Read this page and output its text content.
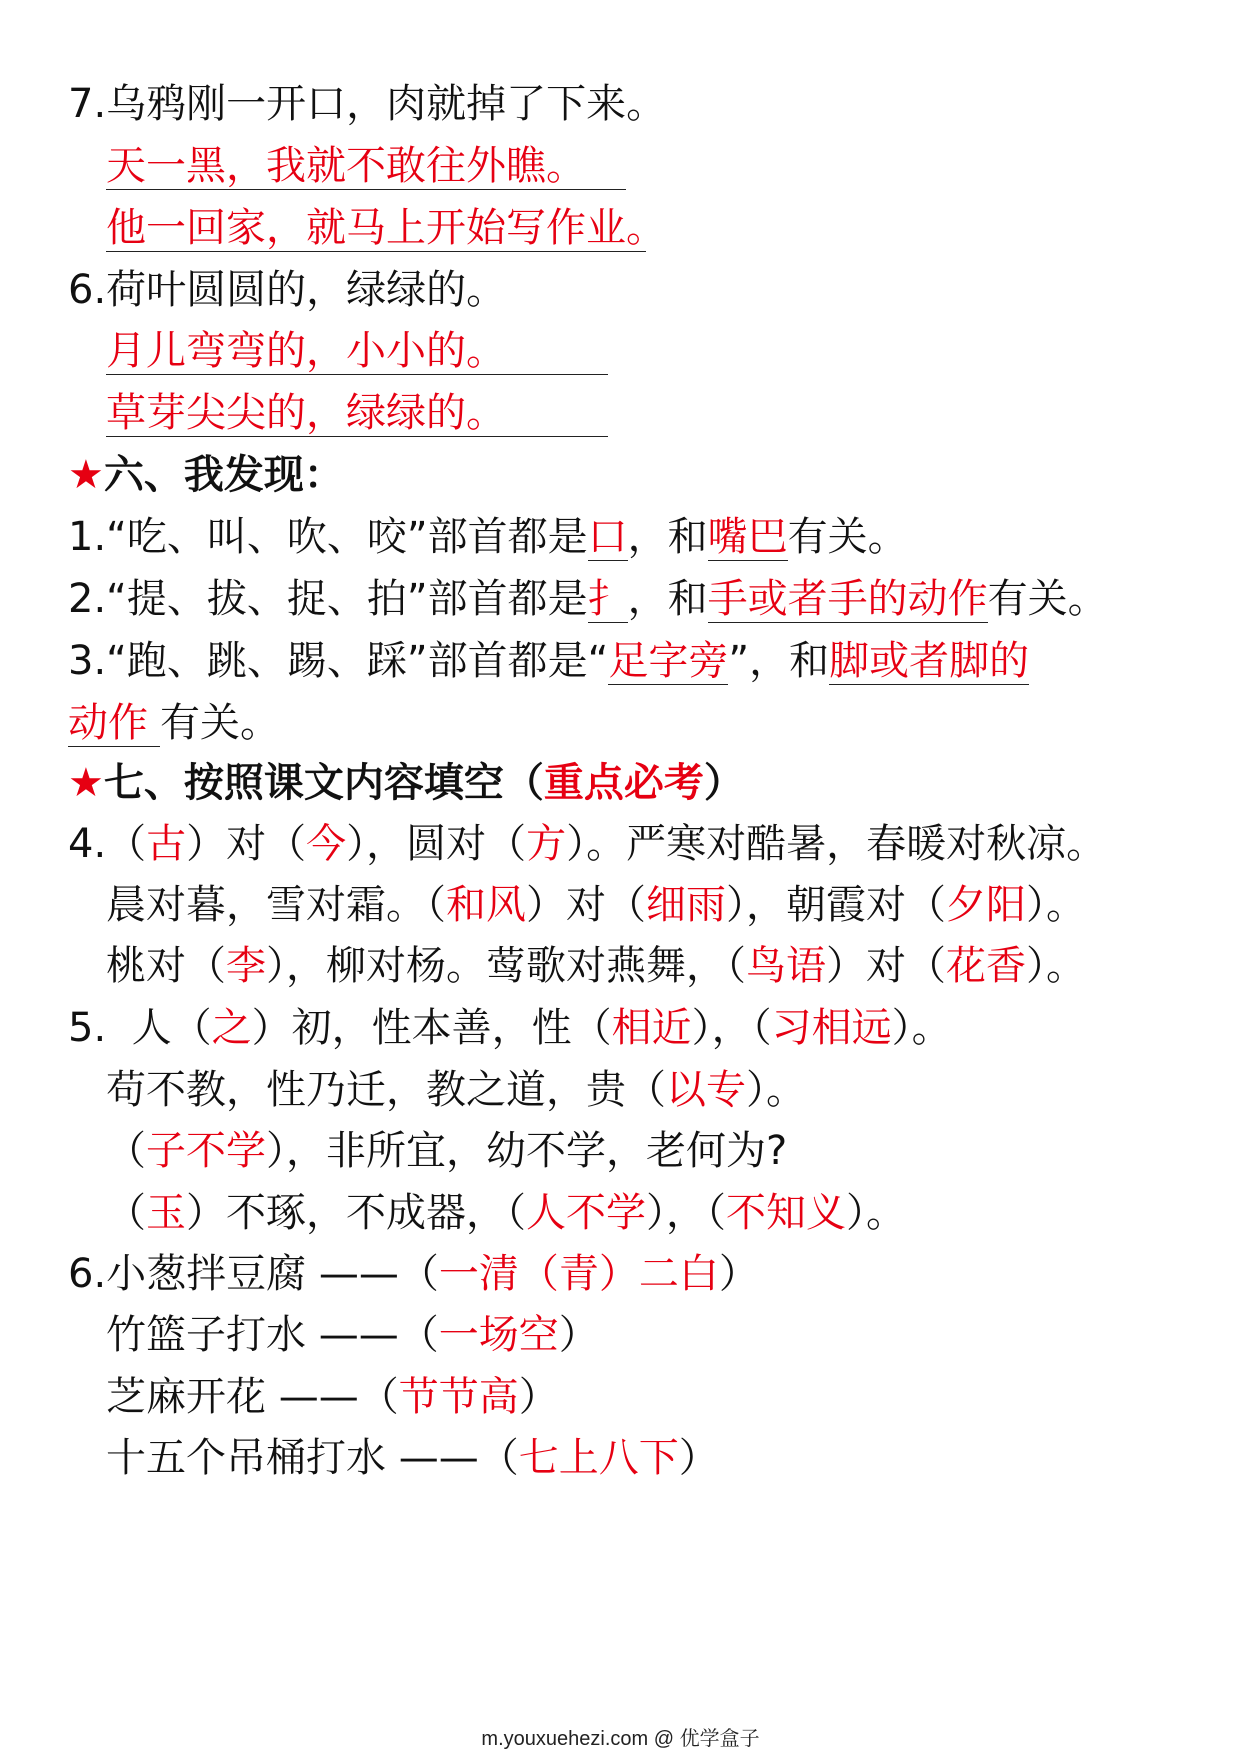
7.乌鸦刚一开口，肉就掉了下来。
天一黑，我就不敢往外瞧。
他一回家，就马上开始写作业。
6.荷叶圆圆的，绿绿的。
月儿弯弯的，小小的。
草芽尖尖的，绿绿的。
★六、我发现：
1.“吃、叫、吹、咬”部首都是口，和嘴巴有关。
2.“提、拔、捉、拍”部首都是扌，和手或者手的动作有关。
3.“跑、跳、踢、踩”部首都是“足字旁”，和脚或者脚的
动作 有关。
★七、按照课文内容填空（重点必考）
4.（古）对（今），圆对（方）。严寒对酷暑，春暖对秋凉。
晨对暮，雪对霜。（和风）对（细雨），朝霞对（夕阳）。
桃对（李），柳对杨。莺歌对燕舞，（鸟语）对（花香）。
5.  人（之）初，性本善，性（相近），（习相远）。
苟不教，性乃迁，教之道，贵（以专）。
（子不学），非所宜，幼不学，老何为?
（玉）不琢，不成器，（人不学），（不知义）。
6.小葱拌豆腐 ——（一清（青）二白）
竹篮子打水 ——（一场空）
芝麻开花 ——（节节高）
十五个吊桶打水 ——（七上八下）
m.youxuehezi.com @ 优学盒子
